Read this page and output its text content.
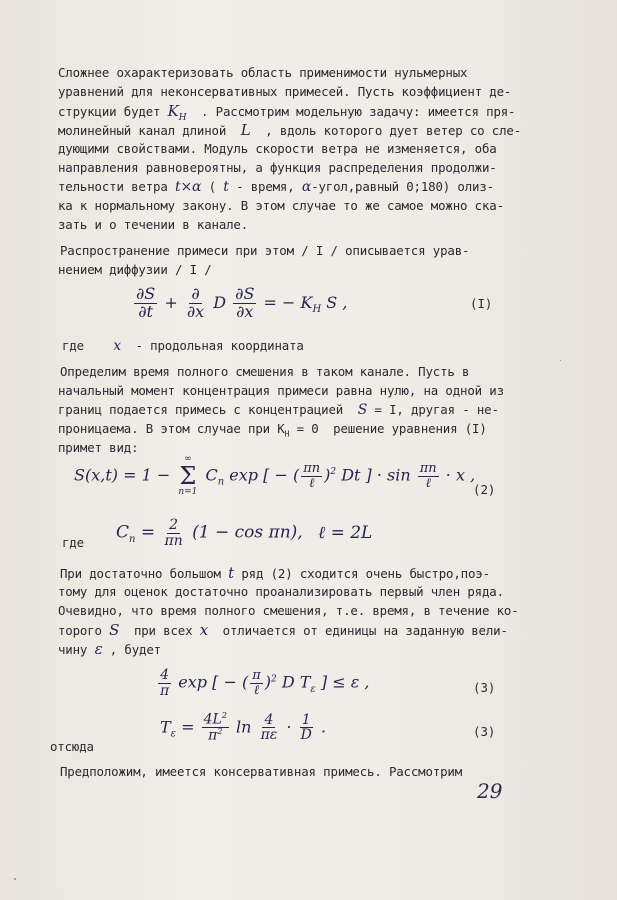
Сложнее охарактеризовать область применимости нульмерных
уравнений для неконсервативных примесей. Пусть коэффициент де-
струкции будет $K_H$ . Рассмотрим модельную задачу: имеется пря-
молинейный канал длиной L , вдоль которого дует ветер со сле-
дующими свойствами. Модуль скорости ветра не изменяется, оба
направления равновероятны, а функция распределения продолжи-
тельности ветра t×α ( t - время, α-угол,равный 0;180) олиз-
ка к нормальному закону. В этом случае то же самое можно ска-
зать и о течении в канале.
Распространение примеси при этом / I / описывается урав-
нением диффузии / I /
$\frac{\partial S}{\partial t} + \frac{\partial}{\partial x}$ D $\frac{\partial S}{\partial x}$ = − $K_H$ S ,	(I)
где x - продольная координата
Определим время полного смешения в таком канале. Пусть в
начальный момент концентрация примеси равна нулю, на одной из
границ подается примесь с концентрацией S = I, другая - не-
проницаема. В этом случае при $K_H = 0$  решение уравнения (I)
примет вид:
S(x,t) = 1 −
∞
Σ
n=1
$C_n$ exp [ − ( $\frac{\pi n}{\text{ℓ}} )^2$ Dt ] · $\sin \frac{\pi n}{\text{ℓ}} \cdot x$ ,
(2)
где	$C_n = \frac{2}{\pi n} (1 - \cos \pi n)$, ℓ = 2L
При достаточно большом t ряд (2) сходится очень быстро,поэ-
тому для оценок достаточно проанализировать первый член ряда.
Очевидно, что время полного смешения, т.е. время, в течение ко-
торого S при всех x отличается от единицы на заданную вели-
чину ε , будет
$\frac{4}{\pi}$ exp [ − ( $\frac{\pi}{\text{ℓ}} )^2$ D $T_\varepsilon$ ] ≤ ε ,	(3)
отсюда
$T_\varepsilon = \frac{4L^2}{\pi^2}$ $\ln \frac{4}{\pi\varepsilon} \cdot \frac{1}{D}$ .	(3)
Предположим, имеется консервативная примесь. Рассмотрим
29
